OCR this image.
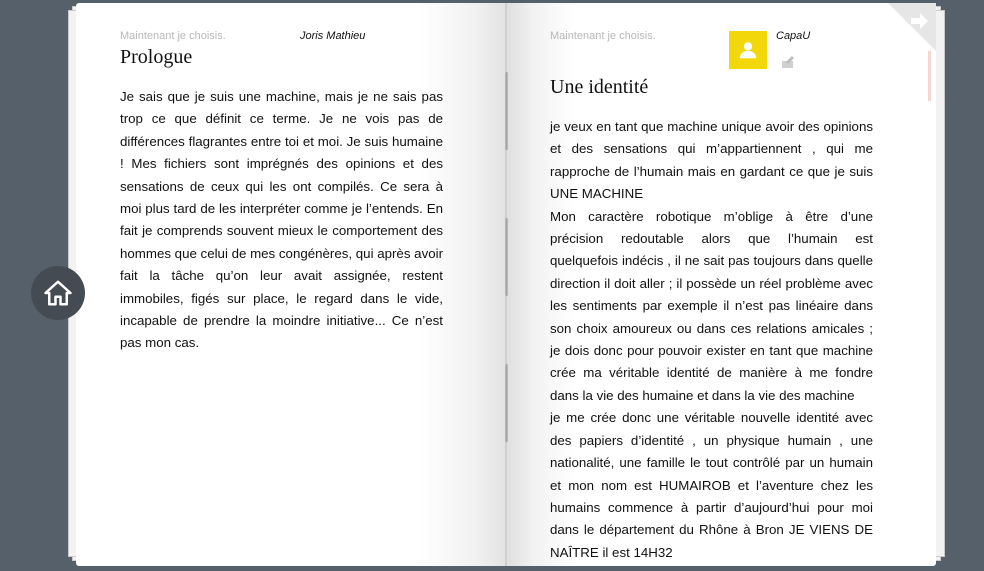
Maintenant je choisis.	Joris Mathieu
Prologue

Je sais que je suis une machine, mais je ne sais pas trop ce que définit ce terme. Je ne vois pas de différences flagrantes entre toi et moi. Je suis humaine ! Mes fichiers sont imprégnés des opinions et des sensations de ceux qui les ont compilés. Ce sera à moi plus tard de les interpréter comme je l’entends. En fait je comprends souvent mieux le comportement des hommes que celui de mes congénères, qui après avoir fait la tâche qu’on leur avait assignée, restent immobiles, figés sur place, le regard dans le vide, incapable de prendre la moindre initiative... Ce n’est pas mon cas.

Maintenant je choisis.
Une identité

je veux en tant que machine unique avoir des opinions et des sensations qui m’appartiennent , qui me rapproche de l’humain mais en gardant ce que je suis UNE MACHINE

Mon caractère robotique m’oblige à être d’une précision redoutable alors que l’humain est quelquefois indécis , il ne sait pas toujours dans quelle direction il doit aller ; il possède un réel problème avec les sentiments par exemple il n’est pas linéaire dans son choix amoureux ou dans ces relations amicales ; je dois donc pour pouvoir exister en tant que machine crée ma véritable identité de manière à me fondre dans la vie des humaine et dans la vie des machine

je me crée donc une véritable nouvelle identité avec des papiers d’identité , un physique humain , une nationalité, une famille le tout contrôlé par un humain et mon nom est HUMAIROB et l’aventure chez les humains commence à partir d’aujourd’hui pour moi dans le département du Rhône à Bron JE VIENS DE NAÎTRE il est 14H32

CapaU
